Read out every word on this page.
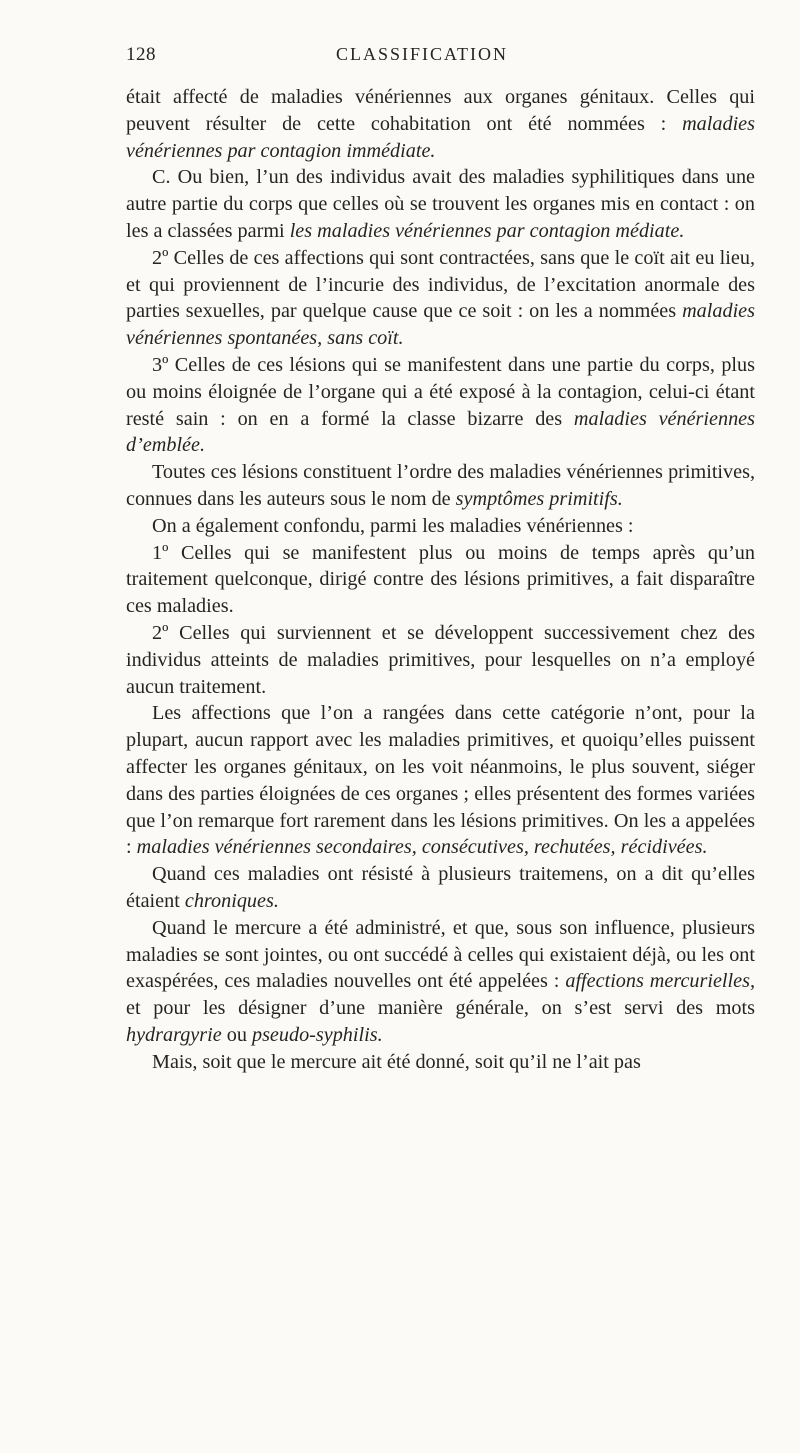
128	CLASSIFICATION

était affecté de maladies vénériennes aux organes génitaux. Celles qui peuvent résulter de cette cohabitation ont été nommées : maladies vénériennes par contagion immédiate.

C. Ou bien, l’un des individus avait des maladies syphilitiques dans une autre partie du corps que celles où se trouvent les organes mis en contact : on les a classées parmi les maladies vénériennes par contagion médiate.

2º Celles de ces affections qui sont contractées, sans que le coït ait eu lieu, et qui proviennent de l’incurie des individus, de l’excitation anormale des parties sexuelles, par quelque cause que ce soit : on les a nommées maladies vénériennes spontanées, sans coït.

3º Celles de ces lésions qui se manifestent dans une partie du corps, plus ou moins éloignée de l’organe qui a été exposé à la contagion, celui-ci étant resté sain : on en a formé la classe bizarre des maladies vénériennes d’emblée.

Toutes ces lésions constituent l’ordre des maladies vénériennes primitives, connues dans les auteurs sous le nom de symptômes primitifs.

On a également confondu, parmi les maladies vénériennes :

1º Celles qui se manifestent plus ou moins de temps après qu’un traitement quelconque, dirigé contre des lésions primitives, a fait disparaître ces maladies.

2º Celles qui surviennent et se développent successivement chez des individus atteints de maladies primitives, pour lesquelles on n’a employé aucun traitement.

Les affections que l’on a rangées dans cette catégorie n’ont, pour la plupart, aucun rapport avec les maladies primitives, et quoiqu’elles puissent affecter les organes génitaux, on les voit néanmoins, le plus souvent, siéger dans des parties éloignées de ces organes ; elles présentent des formes variées que l’on remarque fort rarement dans les lésions primitives. On les a appelées : maladies vénériennes secondaires, consécutives, rechutées, récidivées.

Quand ces maladies ont résisté à plusieurs traitemens, on a dit qu’elles étaient chroniques.

Quand le mercure a été administré, et que, sous son influence, plusieurs maladies se sont jointes, ou ont succédé à celles qui existaient déjà, ou les ont exaspérées, ces maladies nouvelles ont été appelées : affections mercurielles, et pour les désigner d’une manière générale, on s’est servi des mots hydrargyrie ou pseudo-syphilis.

Mais, soit que le mercure ait été donné, soit qu’il ne l’ait pas
